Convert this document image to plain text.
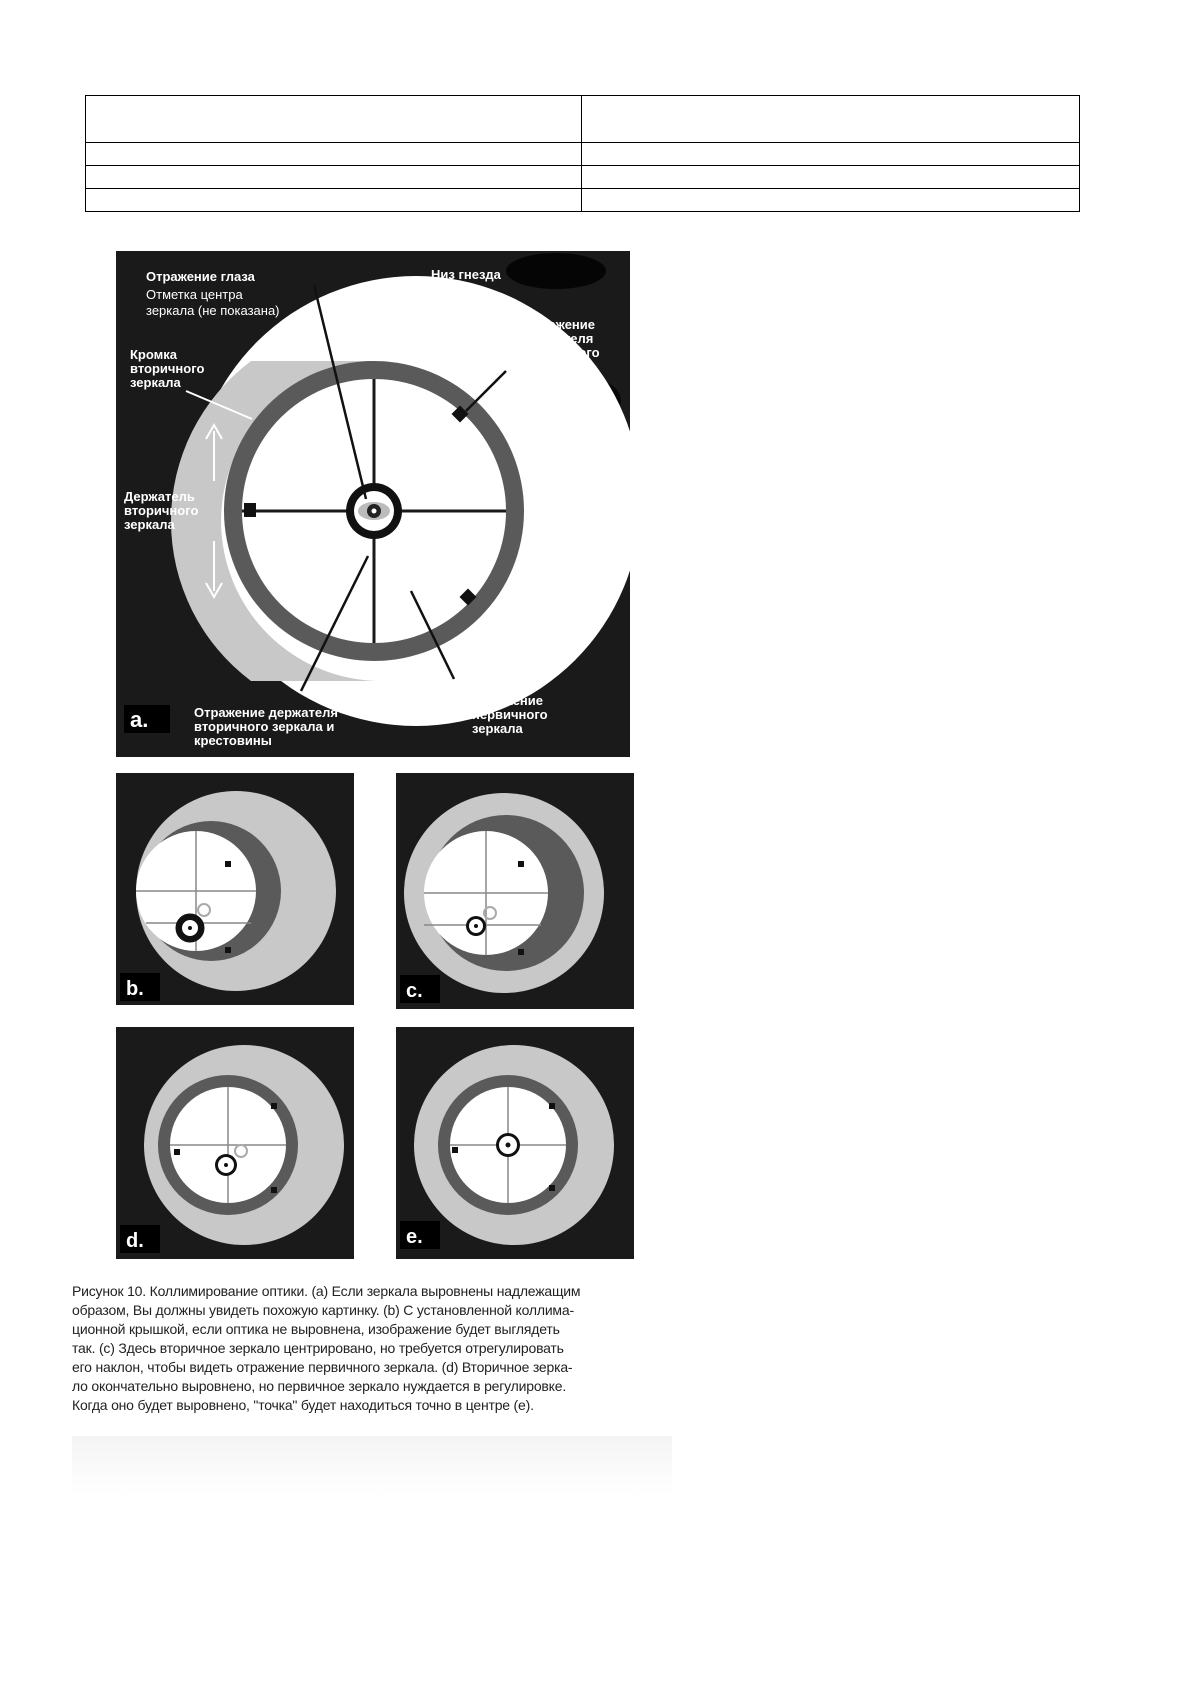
Отражение глаза
Отметка центра
зеркала (не показана)
Низ гнезда
окуляра
Отражение
держателя
первичного
зеркала
Кромка
вторичного
зеркала
Держатель
вторичного
зеркала
Отражение держателя
вторичного зеркала и
крестовины
Отражение
первичного
зеркала
a.
b.	c.
d.	e.
Рисунок 10. Коллимирование оптики. (а) Если зеркала выровнены надлежащим
образом, Вы должны увидеть похожую картинку. (b) С установленной коллима-
ционной крышкой, если оптика не выровнена, изображение будет выглядеть
так. (с) Здесь вторичное зеркало центрировано, но требуется отрегулировать
его наклон, чтобы видеть отражение первичного зеркала. (d) Вторичное зерка-
ло окончательно выровнено, но первичное зеркало нуждается в регулировке.
Когда оно будет выровнено, "точка" будет находиться точно в центре (е).
